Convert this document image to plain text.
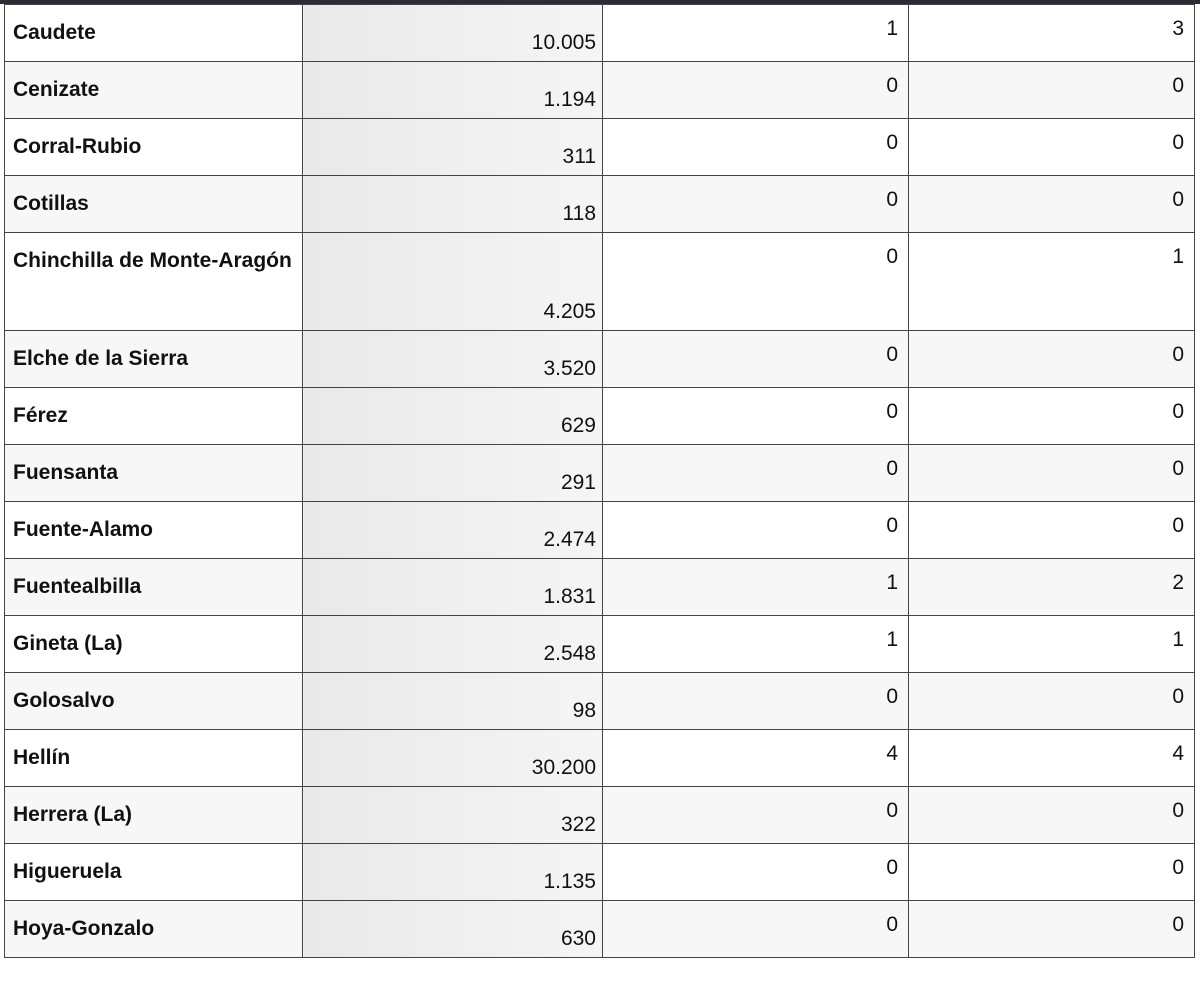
Caudete	10.005	1	3
Cenizate	1.194	0	0
Corral-Rubio	311	0	0
Cotillas	118	0	0
Chinchilla de Monte-Aragón	4.205	0	1
Elche de la Sierra	3.520	0	0
Férez	629	0	0
Fuensanta	291	0	0
Fuente-Alamo	2.474	0	0
Fuentealbilla	1.831	1	2
Gineta (La)	2.548	1	1
Golosalvo	98	0	0
Hellín	30.200	4	4
Herrera (La)	322	0	0
Higueruela	1.135	0	0
Hoya-Gonzalo	630	0	0
